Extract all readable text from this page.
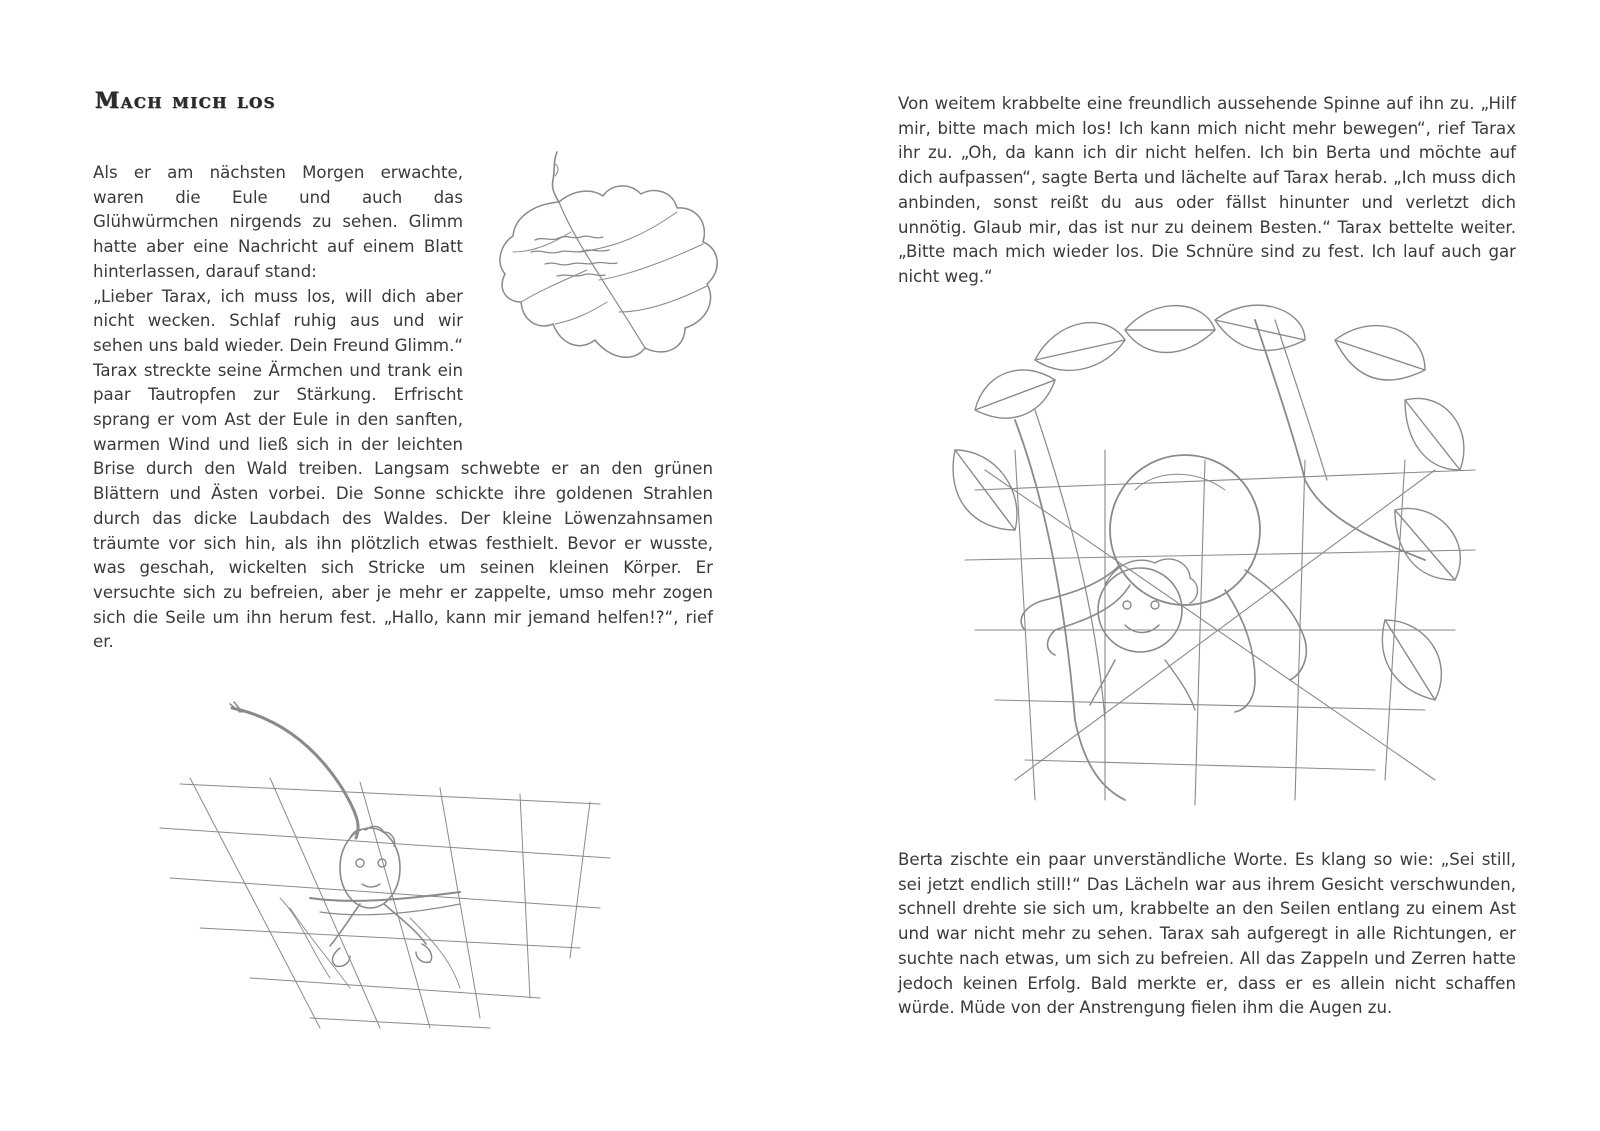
Mach mich los

Als er am nächsten Morgen erwachte, waren die Eule und auch das Glühwürmchen nirgends zu sehen. Glimm hatte aber eine Nachricht auf einem Blatt hinterlassen, darauf stand:

„Lieber Tarax, ich muss los, will dich aber nicht wecken. Schlaf ruhig aus und wir sehen uns bald wieder. Dein Freund Glimm.“

Tarax streckte seine Ärmchen und trank ein paar Tautropfen zur Stärkung. Erfrischt sprang er vom Ast der Eule in den sanften, warmen Wind und ließ sich in der leichten Brise durch den Wald treiben. Langsam schwebte er an den grünen Blättern und Ästen vorbei. Die Sonne schickte ihre goldenen Strahlen durch das dicke Laubdach des Waldes. Der kleine Löwenzahnsamen träumte vor sich hin, als ihn plötzlich etwas festhielt. Bevor er wusste, was geschah, wickelten sich Stricke um seinen kleinen Körper. Er versuchte sich zu befreien, aber je mehr er zappelte, umso mehr zogen sich die Seile um ihn herum fest. „Hallo, kann mir jemand helfen!?“, rief er.

Von weitem krabbelte eine freundlich aussehende Spinne auf ihn zu. „Hilf mir, bitte mach mich los! Ich kann mich nicht mehr bewegen“, rief Tarax ihr zu. „Oh, da kann ich dir nicht helfen. Ich bin Berta und möchte auf dich aufpassen“, sagte Berta und lächelte auf Tarax herab. „Ich muss dich anbinden, sonst reißt du aus oder fällst hinunter und verletzt dich unnötig. Glaub mir, das ist nur zu deinem Besten.“ Tarax bettelte weiter. „Bitte mach mich wieder los. Die Schnüre sind zu fest. Ich lauf auch gar nicht weg.“

Berta zischte ein paar unverständliche Worte. Es klang so wie: „Sei still, sei jetzt endlich still!“ Das Lächeln war aus ihrem Gesicht verschwunden, schnell drehte sie sich um, krabbelte an den Seilen entlang zu einem Ast und war nicht mehr zu sehen. Tarax sah aufgeregt in alle Richtungen, er suchte nach etwas, um sich zu befreien. All das Zappeln und Zerren hatte jedoch keinen Erfolg. Bald merkte er, dass er es allein nicht schaffen würde. Müde von der Anstrengung fielen ihm die Augen zu.
